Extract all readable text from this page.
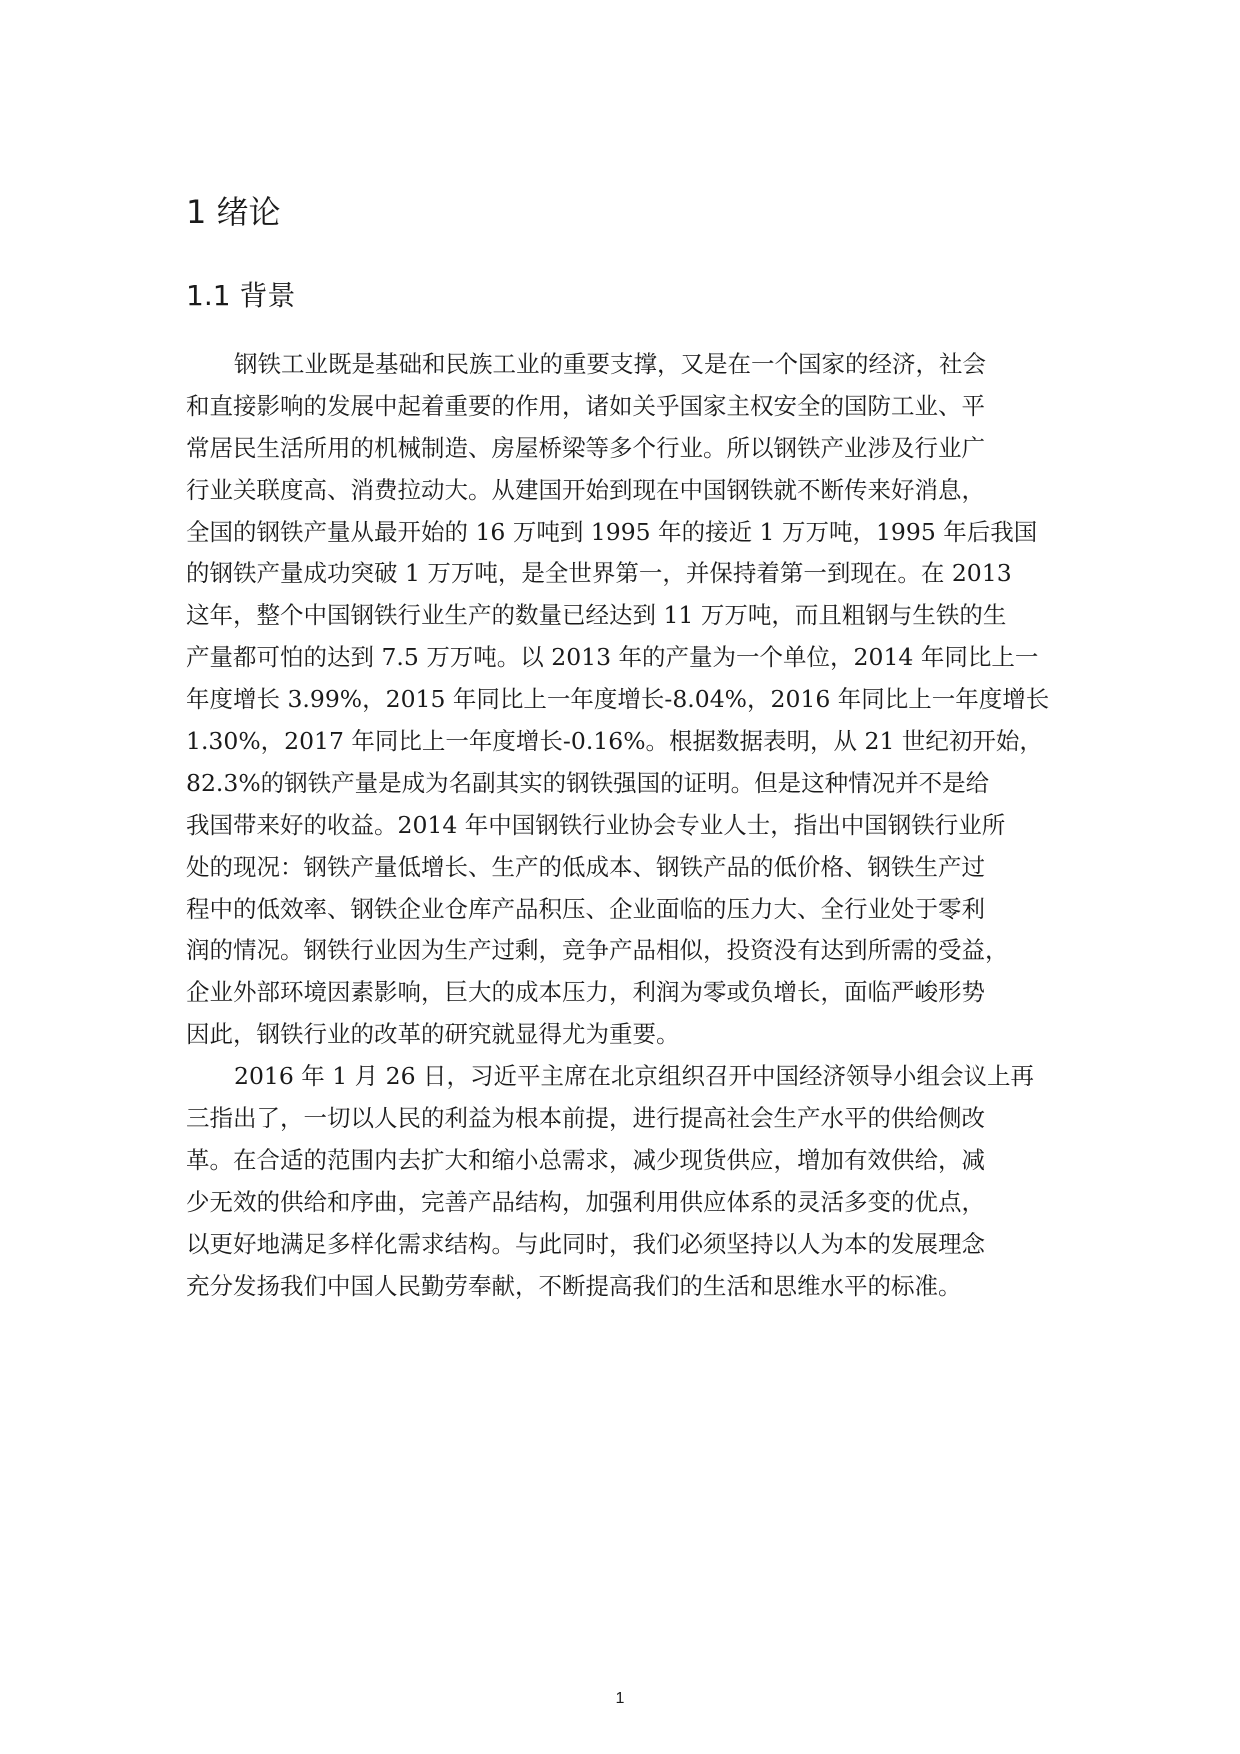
1 绪论
1.1 背景
钢铁工业既是基础和民族工业的重要支撑，又是在一个国家的经济，社会
和直接影响的发展中起着重要的作用，诸如关乎国家主权安全的国防工业、平
常居民生活所用的机械制造、房屋桥梁等多个行业。所以钢铁产业涉及行业广
行业关联度高、消费拉动大。从建国开始到现在中国钢铁就不断传来好消息，
全国的钢铁产量从最开始的 16 万吨到 1995 年的接近 1 万万吨，1995 年后我国
的钢铁产量成功突破 1 万万吨，是全世界第一，并保持着第一到现在。在 2013
这年，整个中国钢铁行业生产的数量已经达到 11 万万吨，而且粗钢与生铁的生
产量都可怕的达到 7.5 万万吨。以 2013 年的产量为一个单位，2014 年同比上一
年度增长 3.99%，2015 年同比上一年度增长-8.04%，2016 年同比上一年度增长
1.30%，2017 年同比上一年度增长-0.16%。根据数据表明，从 21 世纪初开始，
82.3%的钢铁产量是成为名副其实的钢铁强国的证明。但是这种情况并不是给
我国带来好的收益。2014 年中国钢铁行业协会专业人士，指出中国钢铁行业所
处的现况：钢铁产量低增长、生产的低成本、钢铁产品的低价格、钢铁生产过
程中的低效率、钢铁企业仓库产品积压、企业面临的压力大、全行业处于零利
润的情况。钢铁行业因为生产过剩，竞争产品相似，投资没有达到所需的受益，
企业外部环境因素影响，巨大的成本压力，利润为零或负增长，面临严峻形势
因此，钢铁行业的改革的研究就显得尤为重要。
2016 年 1 月 26 日，习近平主席在北京组织召开中国经济领导小组会议上再
三指出了，一切以人民的利益为根本前提，进行提高社会生产水平的供给侧改
革。在合适的范围内去扩大和缩小总需求，减少现货供应，增加有效供给，减
少无效的供给和序曲，完善产品结构，加强利用供应体系的灵活多变的优点，
以更好地满足多样化需求结构。与此同时，我们必须坚持以人为本的发展理念
充分发扬我们中国人民勤劳奉献，不断提高我们的生活和思维水平的标准。
1
